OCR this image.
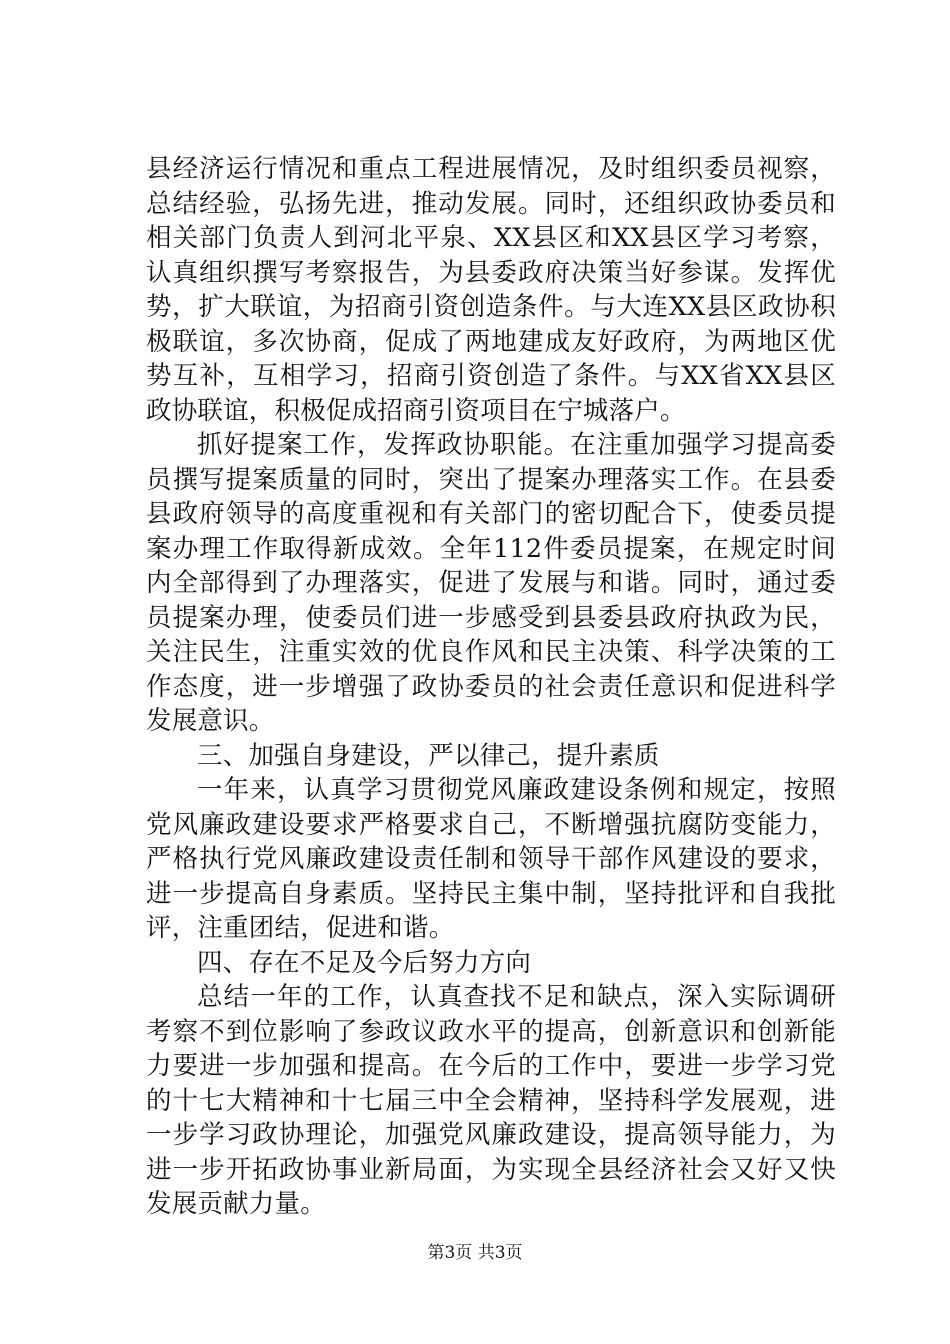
县经济运行情况和重点工程进展情况，及时组织委员视察，总结经验，弘扬先进，推动发展。同时，还组织政协委员和相关部门负责人到河北平泉、XX县区和XX县区学习考察，认真组织撰写考察报告，为县委政府决策当好参谋。发挥优势，扩大联谊，为招商引资创造条件。与大连XX县区政协积极联谊，多次协商，促成了两地建成友好政府，为两地区优势互补，互相学习，招商引资创造了条件。与XX省XX县区政协联谊，积极促成招商引资项目在宁城落户。

抓好提案工作，发挥政协职能。在注重加强学习提高委员撰写提案质量的同时，突出了提案办理落实工作。在县委县政府领导的高度重视和有关部门的密切配合下，使委员提案办理工作取得新成效。全年112件委员提案，在规定时间内全部得到了办理落实，促进了发展与和谐。同时，通过委员提案办理，使委员们进一步感受到县委县政府执政为民，关注民生，注重实效的优良作风和民主决策、科学决策的工作态度，进一步增强了政协委员的社会责任意识和促进科学发展意识。

三、加强自身建设，严以律己，提升素质

一年来，认真学习贯彻党风廉政建设条例和规定，按照党风廉政建设要求严格要求自己，不断增强抗腐防变能力，严格执行党风廉政建设责任制和领导干部作风建设的要求，进一步提高自身素质。坚持民主集中制，坚持批评和自我批评，注重团结，促进和谐。

四、存在不足及今后努力方向

总结一年的工作，认真查找不足和缺点，深入实际调研考察不到位影响了参政议政水平的提高，创新意识和创新能力要进一步加强和提高。在今后的工作中，要进一步学习党的十七大精神和十七届三中全会精神，坚持科学发展观，进一步学习政协理论，加强党风廉政建设，提高领导能力，为进一步开拓政协事业新局面，为实现全县经济社会又好又快发展贡献力量。

第3页 共3页
